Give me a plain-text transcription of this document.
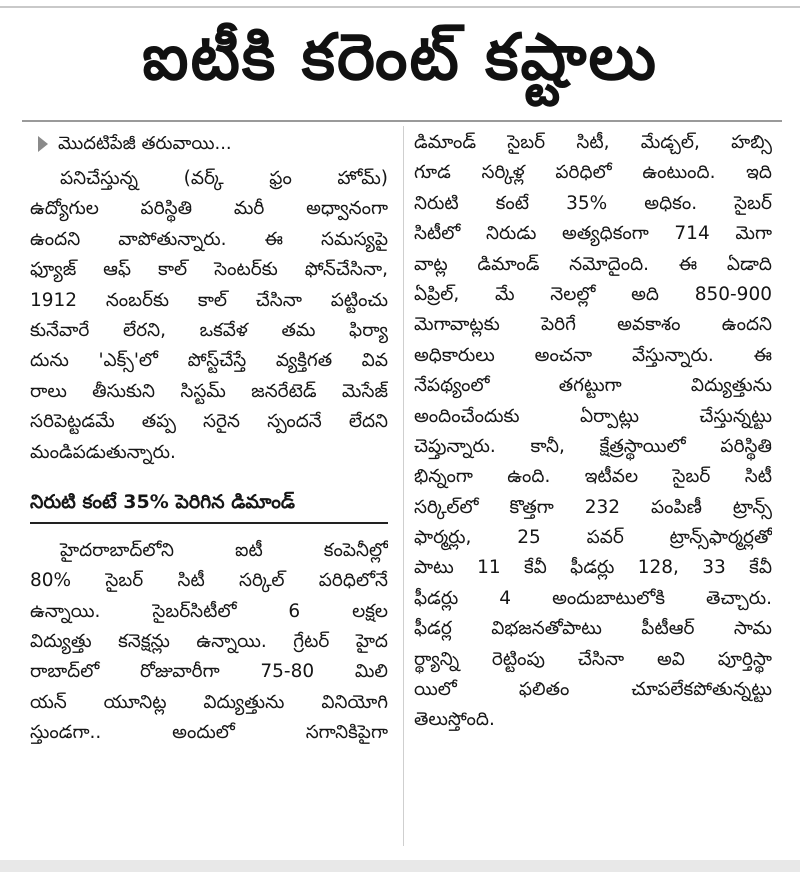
ఐటీకి కరెంట్ కష్టాలు
మొదటిపేజీ తరువాయి...
పనిచేస్తున్న (వర్క్ ఫ్రం హోమ్)
ఉద్యోగుల పరిస్థితి మరీ అధ్వానంగా
ఉందని వాపోతున్నారు. ఈ సమస్యపై
ఫ్యూజ్ ఆఫ్ కాల్ సెంటర్‌కు ఫోన్‌చేసినా,
1912 నంబర్‌కు కాల్ చేసినా పట్టించు
కునేవారే లేరని, ఒకవేళ తమ ఫిర్యా
దును 'ఎక్స్'లో పోస్ట్‌చేస్తే వ్యక్తిగత వివ
రాలు తీసుకుని సిస్టమ్ జనరేటెడ్ మెసేజ్
సరిపెట్టడమే తప్ప సరైన స్పందనే లేదని
మండిపడుతున్నారు.
నిరుటి కంటే 35% పెరిగిన డిమాండ్
హైదరాబాద్‌లోని ఐటీ కంపెనీల్లో
80% సైబర్ సిటీ సర్కిల్ పరిధిలోనే
ఉన్నాయి. సైబర్‌సిటీలో 6 లక్షల
విద్యుత్తు కనెక్షన్లు ఉన్నాయి. గ్రేటర్ హైద
రాబాద్‌లో రోజువారీగా 75-80 మిలి
యన్ యూనిట్ల విద్యుత్తును వినియోగి
స్తుండగా.. అందులో సగానికిపైగా
డిమాండ్ సైబర్ సిటీ, మేడ్చల్, హబ్సి
గూడ సర్కిళ్ల పరిధిలో ఉంటుంది. ఇది
నిరుటి కంటే 35% అధికం. సైబర్
సిటీలో నిరుడు అత్యధికంగా 714 మెగా
వాట్ల డిమాండ్ నమోదైంది. ఈ ఏడాది
ఏప్రిల్, మే నెలల్లో అది 850-900
మెగావాట్లకు పెరిగే అవకాశం ఉందని
అధికారులు అంచనా వేస్తున్నారు. ఈ
నేపథ్యంలో తగట్టుగా విద్యుత్తును
అందించేందుకు ఏర్పాట్లు చేస్తున్నట్టు
చెప్తున్నారు. కానీ, క్షేత్రస్థాయిలో పరిస్థితి
భిన్నంగా ఉంది. ఇటీవల సైబర్ సిటీ
సర్కిల్‌లో కొత్తగా 232 పంపిణీ ట్రాన్స్
ఫార్మర్లు, 25 పవర్ ట్రాన్స్‌ఫార్మర్లతో
పాటు 11 కేవీ ఫీడర్లు 128, 33 కేవీ
ఫీడర్లు 4 అందుబాటులోకి తెచ్చారు.
ఫీడర్ల విభజనతోపాటు పీటీఆర్ సామ
ర్థ్యాన్ని రెట్టింపు చేసినా అవి పూర్తిస్థా
యిలో ఫలితం చూపలేకపోతున్నట్టు
తెలుస్తోంది.
